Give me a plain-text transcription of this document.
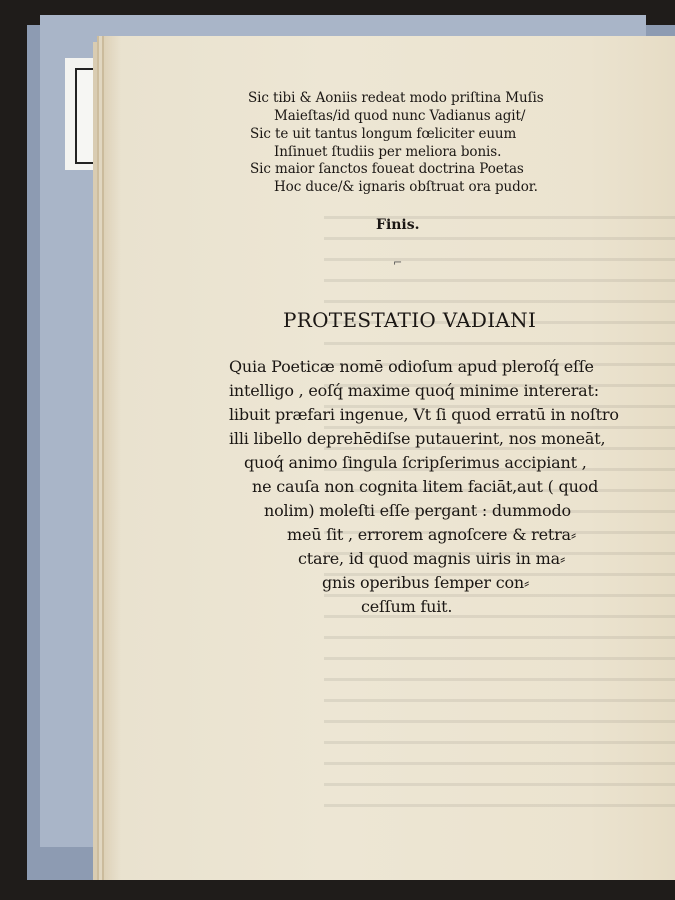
Sic tibi & Aoniis redeat modo priſtina Muſis
Maieſtas/id quod nunc Vadianus agit/
Sic te uit tantus longum fœliciter euum
Inſinuet ſtudiis per meliora bonis.
Sic maior ſanctos foueat doctrina Poetas
Hoc duce/& ignaris obſtruat ora pudor.
Finis.
⌐
PROTESTATIO VADIANI
Quia Poeticæ nomē odioſum apud pleroſq́ eſſe
intelligo , eoſq́ maxime quoq́ minime intererat:
libuit præfari ingenue, Vt ſi quod erratū in noſtro
illi libello deprehēdiſse putauerint, nos moneāt,
quoq́ animo ſingula ſcripſerimus accipiant ,
ne cauſa non cognita litem faciāt,aut ( quod
nolim) moleſti eſſe pergant : dummodo
meū ſit , errorem agnoſcere & retra⸗
ctare, id quod magnis uiris in ma⸗
gnis operibus ſemper con⸗
ceſſum fuit.
